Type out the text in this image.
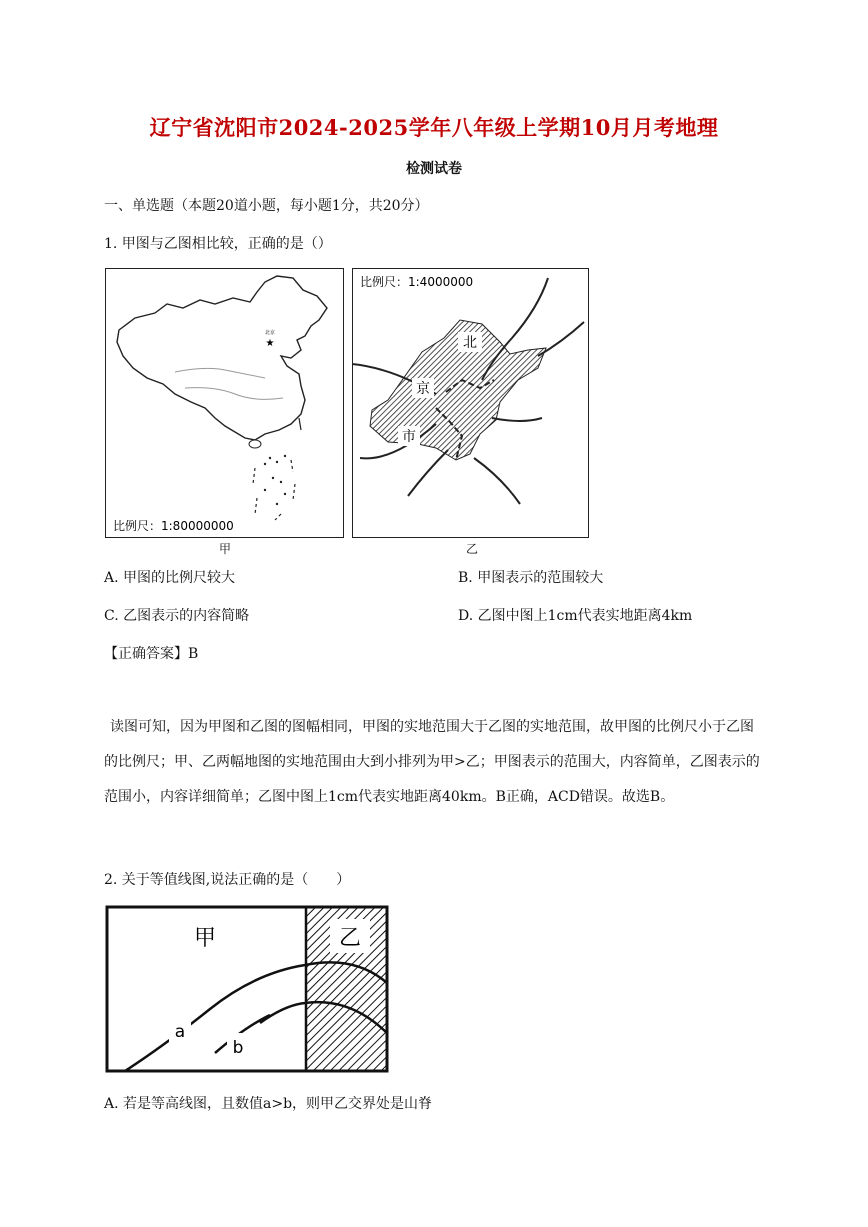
辽宁省沈阳市2024-2025学年八年级上学期10月月考地理
检测试卷
一、单选题（本题20道小题，每小题1分，共20分）
1. 甲图与乙图相比较，正确的是（）
★
北京
比例尺：1:80000000
甲
北
京
市
比例尺：1:4000000
乙
A. 甲图的比例尺较大	B. 甲图表示的范围较大
C. 乙图表示的内容简略	D. 乙图中图上1cm代表实地距离4km
【正确答案】B
读图可知，因为甲图和乙图的图幅相同，甲图的实地范围大于乙图的实地范围，故甲图的比例尺小于乙图的比例尺；甲、乙两幅地图的实地范围由大到小排列为甲>乙；甲图表示的范围大，内容简单，乙图表示的范围小，内容详细简单；乙图中图上1cm代表实地距离40km。B正确，ACD错误。故选B。
2. 关于等值线图,说法正确的是（　　）
甲	乙
a
b
A. 若是等高线图，且数值a>b，则甲乙交界处是山脊
